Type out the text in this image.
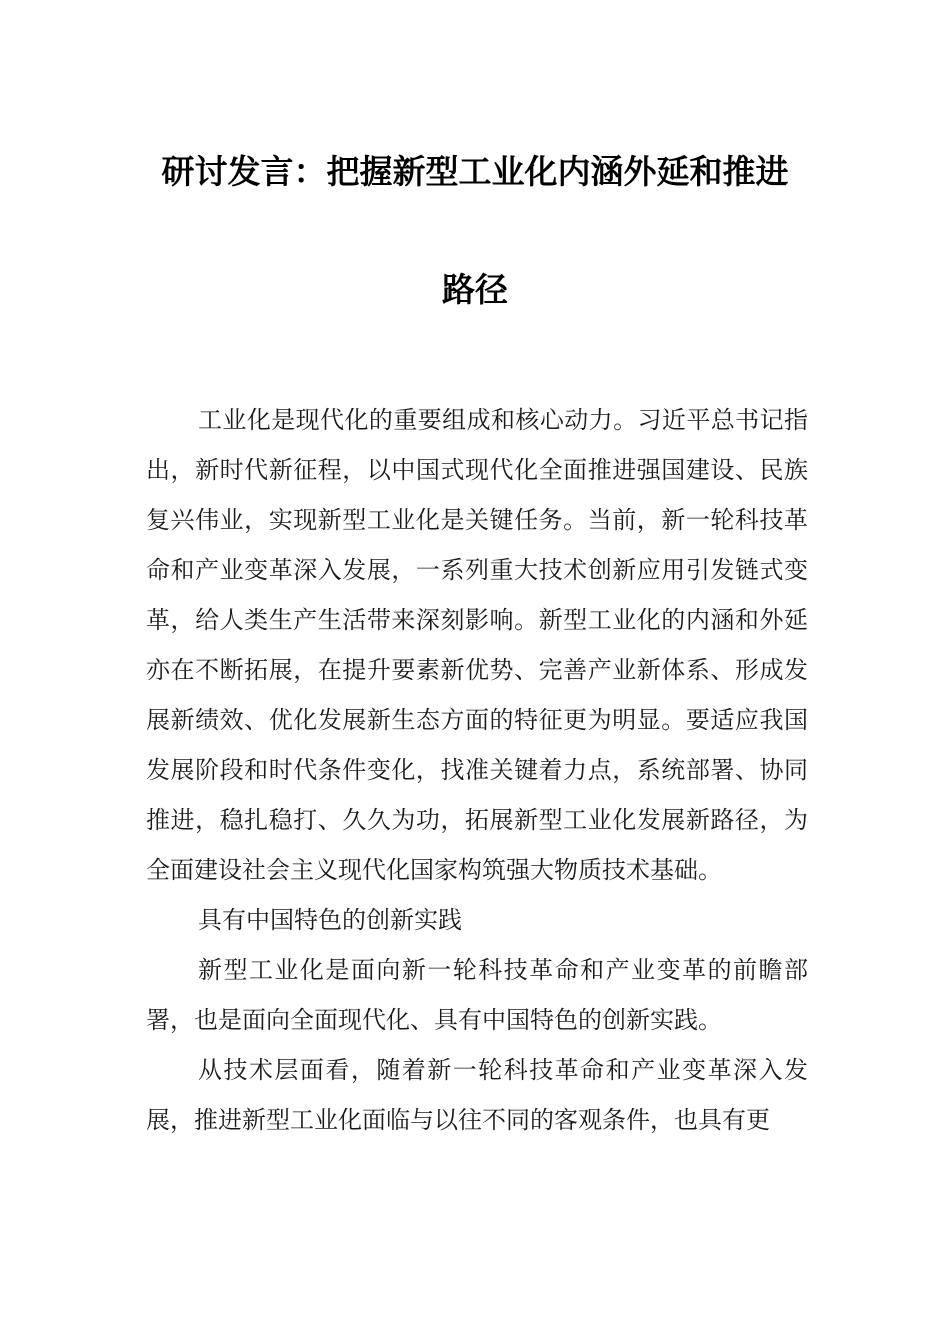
研讨发言：把握新型工业化内涵外延和推进
路径

工业化是现代化的重要组成和核心动力。习近平总书记指出，新时代新征程，以中国式现代化全面推进强国建设、民族复兴伟业，实现新型工业化是关键任务。当前，新一轮科技革命和产业变革深入发展，一系列重大技术创新应用引发链式变革，给人类生产生活带来深刻影响。新型工业化的内涵和外延亦在不断拓展，在提升要素新优势、完善产业新体系、形成发展新绩效、优化发展新生态方面的特征更为明显。要适应我国发展阶段和时代条件变化，找准关键着力点，系统部署、协同推进，稳扎稳打、久久为功，拓展新型工业化发展新路径，为全面建设社会主义现代化国家构筑强大物质技术基础。

具有中国特色的创新实践

新型工业化是面向新一轮科技革命和产业变革的前瞻部署，也是面向全面现代化、具有中国特色的创新实践。

从技术层面看，随着新一轮科技革命和产业变革深入发展，推进新型工业化面临与以往不同的客观条件，也具有更
